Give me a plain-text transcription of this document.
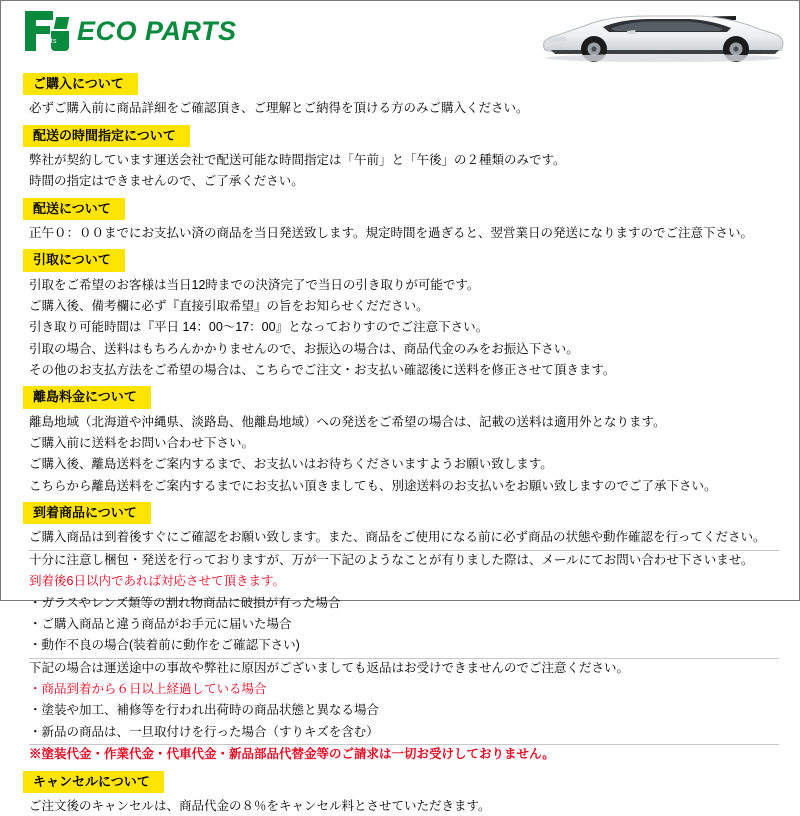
Parts ECO PARTS
ご購入について

必ずご購入前に商品詳細をご確認頂き、ご理解とご納得を頂ける方のみご購入ください。

配送の時間指定について

弊社が契約しています運送会社で配送可能な時間指定は「午前」と「午後」の２種類のみです。

時間の指定はできませんので、ご了承ください。

配送について

正午０：００までにお支払い済の商品を当日発送致します。規定時間を過ぎると、翌営業日の発送になりますのでご注意下さい。

引取について

引取をご希望のお客様は当日12時までの決済完了で当日の引き取りが可能です。

ご購入後、備考欄に必ず『直接引取希望』の旨をお知らせくだださい。

引き取り可能時間は『平日 14：00〜17：00』となっておりすのでご注意下さい。

引取の場合、送料はもちろんかかりませんので、お振込の場合は、商品代金のみをお振込下さい。

その他のお支払方法をご希望の場合は、こちらでご注文・お支払い確認後に送料を修正させて頂きます。

離島料金について

離島地域（北海道や沖縄県、淡路島、他離島地域）への発送をご希望の場合は、記載の送料は適用外となります。

ご購入前に送料をお問い合わせ下さい。

ご購入後、離島送料をご案内するまで、お支払いはお待ちくださいますようお願い致します。

こちらから離島送料をご案内するまでにお支払い頂きましても、別途送料のお支払いをお願い致しますのでご了承下さい。

到着商品について

ご購入商品は到着後すぐにご確認をお願い致します。また、商品をご使用になる前に必ず商品の状態や動作確認を行ってください。

十分に注意し梱包・発送を行っておりますが、万が一下記のようなことが有りました際は、メールにてお問い合わせ下さいませ。

到着後6日以内であれば対応させて頂きます。

・ガラスやレンズ類等の割れ物商品に破損が有った場合

・ご購入商品と違う商品がお手元に届いた場合

・動作不良の場合(装着前に動作をご確認下さい)

下記の場合は運送途中の事故や弊社に原因がございましても返品はお受けできませんのでご注意ください。

・商品到着から６日以上経過している場合

・塗装や加工、補修等を行われ出荷時の商品状態と異なる場合

・新品の商品は、一旦取付けを行った場合（すりキズを含む）

※塗装代金・作業代金・代車代金・新品部品代替金等のご請求は一切お受けしておりません。

キャンセルについて

ご注文後のキャンセルは、商品代金の８％をキャンセル料とさせていただきます。
